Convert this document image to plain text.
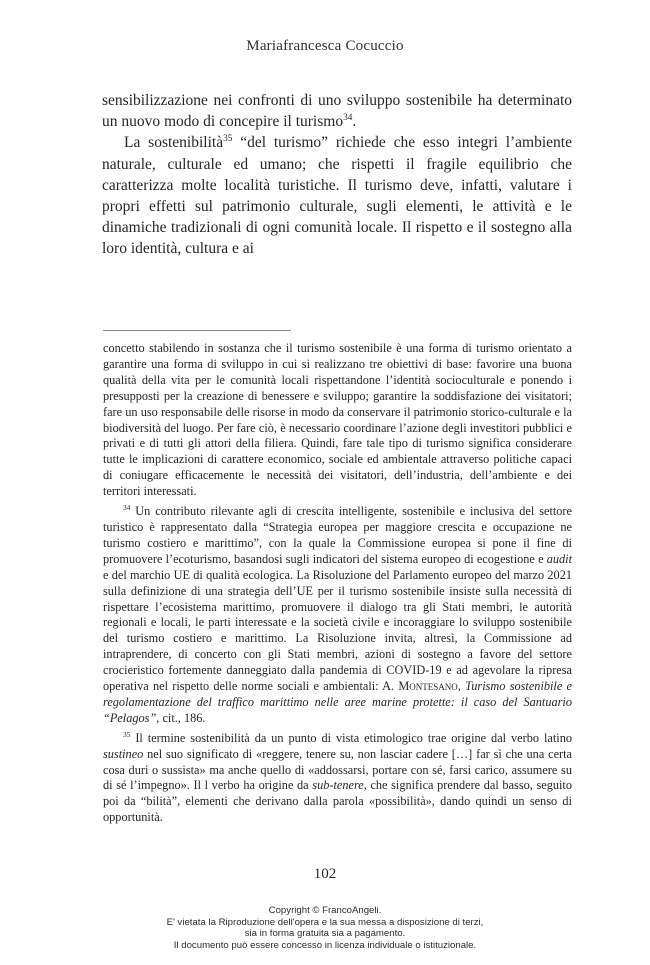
Mariafrancesca Cocuccio

sensibilizzazione nei confronti di uno sviluppo sostenibile ha determinato un nuovo modo di concepire il turismo$^{34}$.

La sostenibilità$^{35}$ “del turismo” richiede che esso integri l’ambiente naturale, culturale ed umano; che rispetti il fragile equilibrio che caratterizza molte località turistiche. Il turismo deve, infatti, valutare i propri effetti sul patrimonio culturale, sugli elementi, le attività e le dinamiche tradizionali di ogni comunità locale. Il rispetto e il sostegno alla loro identità, cultura e ai

concetto stabilendo in sostanza che il turismo sostenibile è una forma di turismo orientato a garantire una forma di sviluppo in cui si realizzano tre obiettivi di base: favorire una buona qualità della vita per le comunità locali rispettandone l’identità socioculturale e ponendo i presupposti per la creazione di benessere e sviluppo; garantire la soddisfazione dei visitatori; fare un uso responsabile delle risorse in modo da conservare il patrimonio storico-culturale e la biodiversità del luogo. Per fare ciò, è necessario coordinare l’azione degli investitori pubblici e privati e di tutti gli attori della filiera. Quindi, fare tale tipo di turismo significa considerare tutte le implicazioni di carattere economico, sociale ed ambientale attraverso politiche capaci di coniugare efficacemente le necessità dei visitatori, dell’industria, dell’ambiente e dei territori interessati.

$^{34}$ Un contributo rilevante agli di crescita intelligente, sostenibile e inclusiva del settore turistico è rappresentato dalla “Strategia europea per maggiore crescita e occupazione ne turismo costiero e marittimo”, con la quale la Commissione europea si pone il fine di promuovere l’ecoturismo, basandosi sugli indicatori del sistema europeo di ecogestione e audit e del marchio UE di qualità ecologica. La Risoluzione del Parlamento europeo del marzo 2021 sulla definizione di una strategia dell’UE per il turismo sostenibile insiste sulla necessità di rispettare l’ecosistema marittimo, promuovere il dialogo tra gli Stati membri, le autorità regionali e locali, le parti interessate e la società civile e incoraggiare lo sviluppo sostenibile del turismo costiero e marittimo. La Risoluzione invita, altresì, la Commissione ad intraprendere, di concerto con gli Stati membri, azioni di sostegno a favore del settore crocieristico fortemente danneggiato dalla pandemia di COVID-19 e ad agevolare la ripresa operativa nel rispetto delle norme sociali e ambientali: A. Montesano, Turismo sostenibile e regolamentazione del traffico marittimo nelle aree marine protette: il caso del Santuario “Pelagos”, cit., 186.

$^{35}$ Il termine sostenibilità da un punto di vista etimologico trae origine dal verbo latino sustineo nel suo significato di «reggere, tenere su, non lasciar cadere […] far sì che una certa cosa duri o sussista» ma anche quello di «addossarsi, portare con sé, farsi carico, assumere su di sé l’impegno». Il l verbo ha origine da sub-tenere, che significa prendere dal basso, seguito poi da “bilità”, elementi che derivano dalla parola «possibilità», dando quindi un senso di opportunità.

102
Copyright © FrancoAngeli.
E' vietata la Riproduzione dell'opera e la sua messa a disposizione di terzi,
sia in forma gratuita sia a pagamento.
Il documento può essere concesso in licenza individuale o istituzionale.
